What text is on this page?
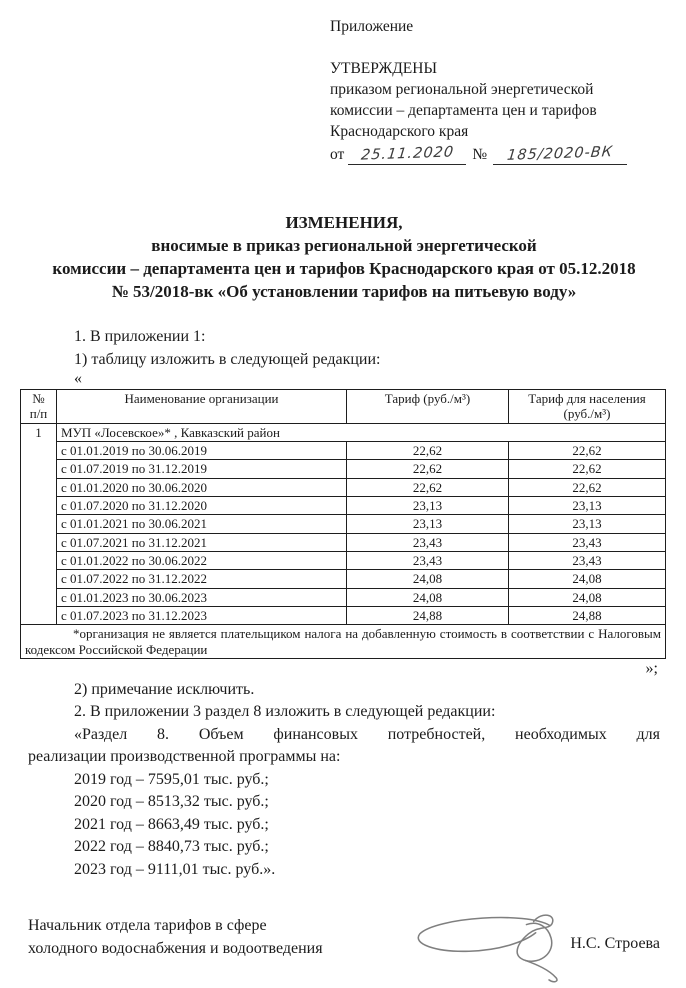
Приложение
УТВЕРЖДЕНЫ
приказом региональной энергетической
комиссии – департамента цен и тарифов
Краснодарского края
от 25.11.2020 № 185/2020-ВК
ИЗМЕНЕНИЯ,
вносимые в приказ региональной энергетической
комиссии – департамента цен и тарифов Краснодарского края от 05.12.2018
№ 53/2018-вк «Об установлении тарифов на питьевую воду»
1. В приложении 1:
1) таблицу изложить в следующей редакции:
«
№
п/п	Наименование организации	Тариф (руб./м³)	Тариф для населения (руб./м³)
1	МУП «Лосевское»* , Кавказский район		
	с 01.01.2019 по 30.06.2019	22,62	22,62
	с 01.07.2019 по 31.12.2019	22,62	22,62
	с 01.01.2020 по 30.06.2020	22,62	22,62
	с 01.07.2020 по 31.12.2020	23,13	23,13
	с 01.01.2021 по 30.06.2021	23,13	23,13
	с 01.07.2021 по 31.12.2021	23,43	23,43
	с 01.01.2022 по 30.06.2022	23,43	23,43
	с 01.07.2022 по 31.12.2022	24,08	24,08
	с 01.01.2023 по 30.06.2023	24,08	24,08
	с 01.07.2023 по 31.12.2023	24,88	24,88
*организация не является плательщиком налога на добавленную стоимость в соответствии с Налоговым кодексом Российской Федерации			
»;
2) примечание исключить.
2. В приложении 3 раздел 8 изложить в следующей редакции:
«Раздел 8. Объем финансовых потребностей, необходимых для
реализации производственной программы на:
2019 год – 7595,01 тыс. руб.;
2020 год – 8513,32 тыс. руб.;
2021 год – 8663,49 тыс. руб.;
2022 год – 8840,73 тыс. руб.;
2023 год – 9111,01 тыс. руб.».
Начальник отдела тарифов в сфере
холодного водоснабжения и водоотведения	Н.С. Строева
